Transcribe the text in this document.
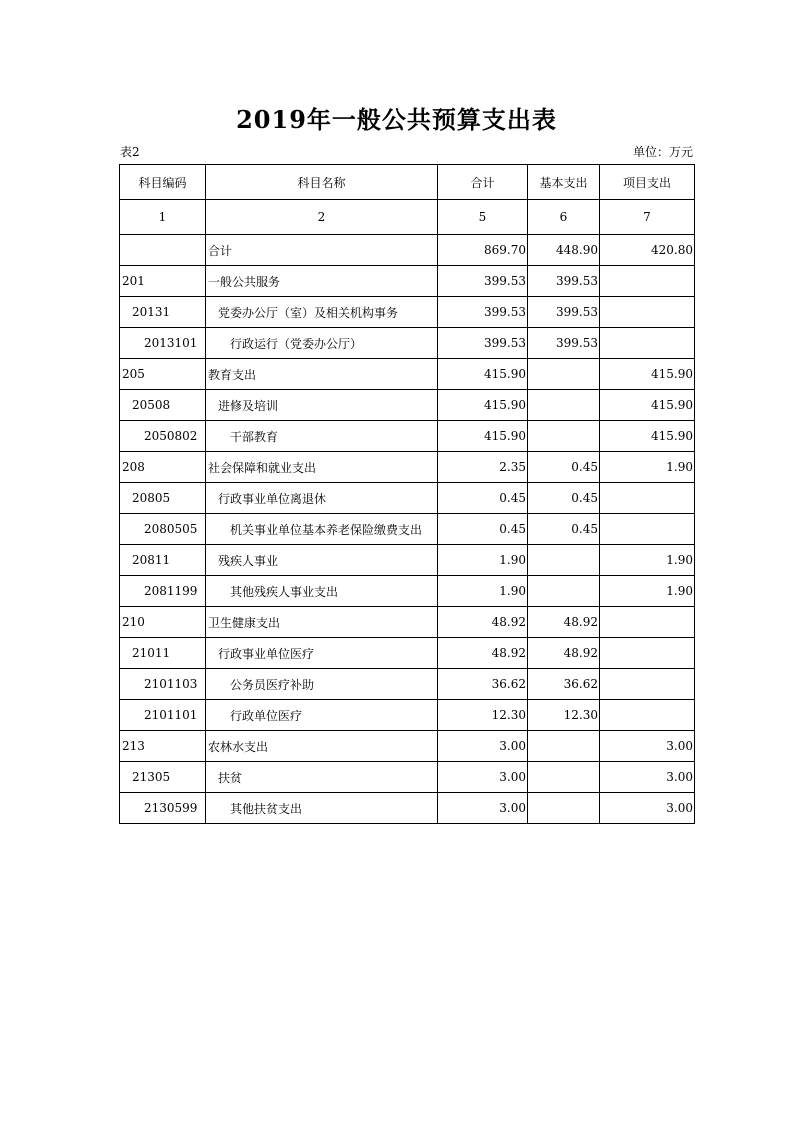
2019年一般公共预算支出表
表2	单位：万元
科目编码	科目名称	合计	基本支出	项目支出
1	2	5	6	7
	合计	869.70	448.90	420.80
201	一般公共服务	399.53	399.53	
20131	党委办公厅（室）及相关机构事务	399.53	399.53	
2013101	行政运行（党委办公厅）	399.53	399.53	
205	教育支出	415.90		415.90
20508	进修及培训	415.90		415.90
2050802	干部教育	415.90		415.90
208	社会保障和就业支出	2.35	0.45	1.90
20805	行政事业单位离退休	0.45	0.45	
2080505	机关事业单位基本养老保险缴费支出	0.45	0.45	
20811	残疾人事业	1.90		1.90
2081199	其他残疾人事业支出	1.90		1.90
210	卫生健康支出	48.92	48.92	
21011	行政事业单位医疗	48.92	48.92	
2101103	公务员医疗补助	36.62	36.62	
2101101	行政单位医疗	12.30	12.30	
213	农林水支出	3.00		3.00
21305	扶贫	3.00		3.00
2130599	其他扶贫支出	3.00		3.00
